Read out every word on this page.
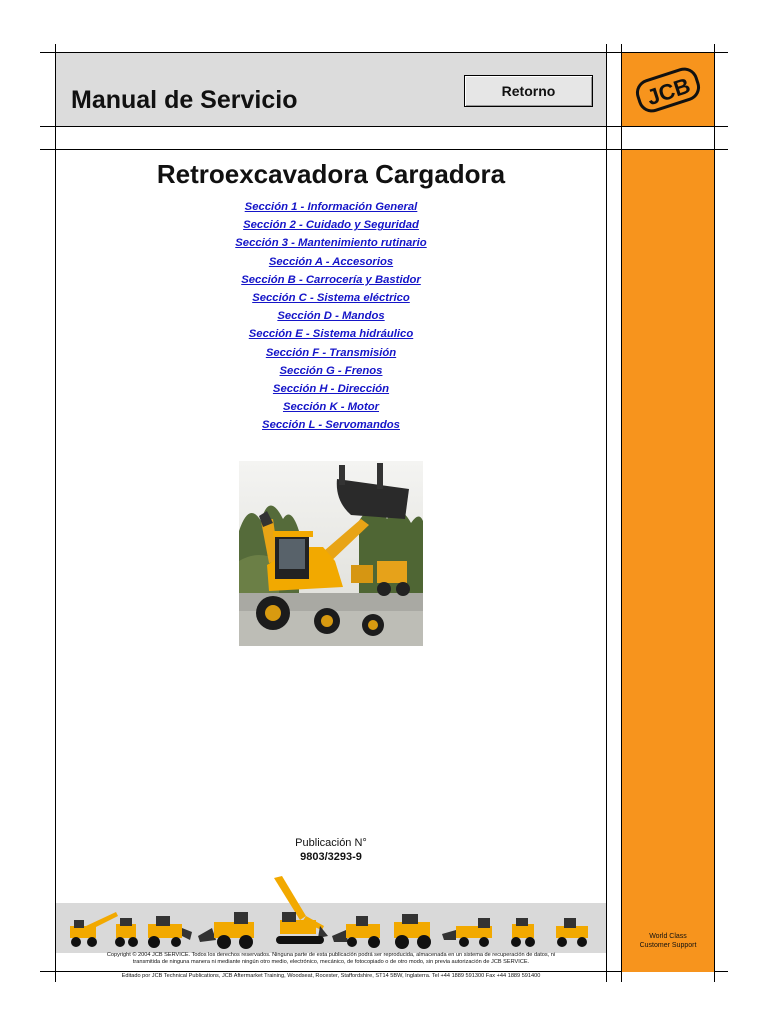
Manual de Servicio	Retorno	JCB
World Class
Customer Support
Retroexcavadora Cargadora
Sección 1 - Información General
Sección 2 - Cuidado y Seguridad
Sección 3 - Mantenimiento rutinario
Sección A - Accesorios
Sección B - Carrocería y Bastidor
Sección C - Sistema eléctrico
Sección D - Mandos
Sección E - Sistema hidráulico
Sección F - Transmisión
Sección G - Frenos
Sección H - Dirección
Sección K - Motor
Sección L - Servomandos
Publicación N°
9803/3293-9
Copyright © 2004 JCB SERVICE. Todos los derechos reservados. Ninguna parte de esta publicación podrá ser reproducida, almacenada en un sistema de recuperación de datos, ni
transmitida de ninguna manera ni mediante ningún otro medio, electrónico, mecánico, de fotocopiado o de otro modo, sin previa autorización de JCB SERVICE.
Editado por JCB Technical Publications, JCB Aftermarket Training, Woodseat, Rocester, Staffordshire, ST14 5BW, Inglaterra. Tel +44 1889 591300 Fax +44 1889 591400
